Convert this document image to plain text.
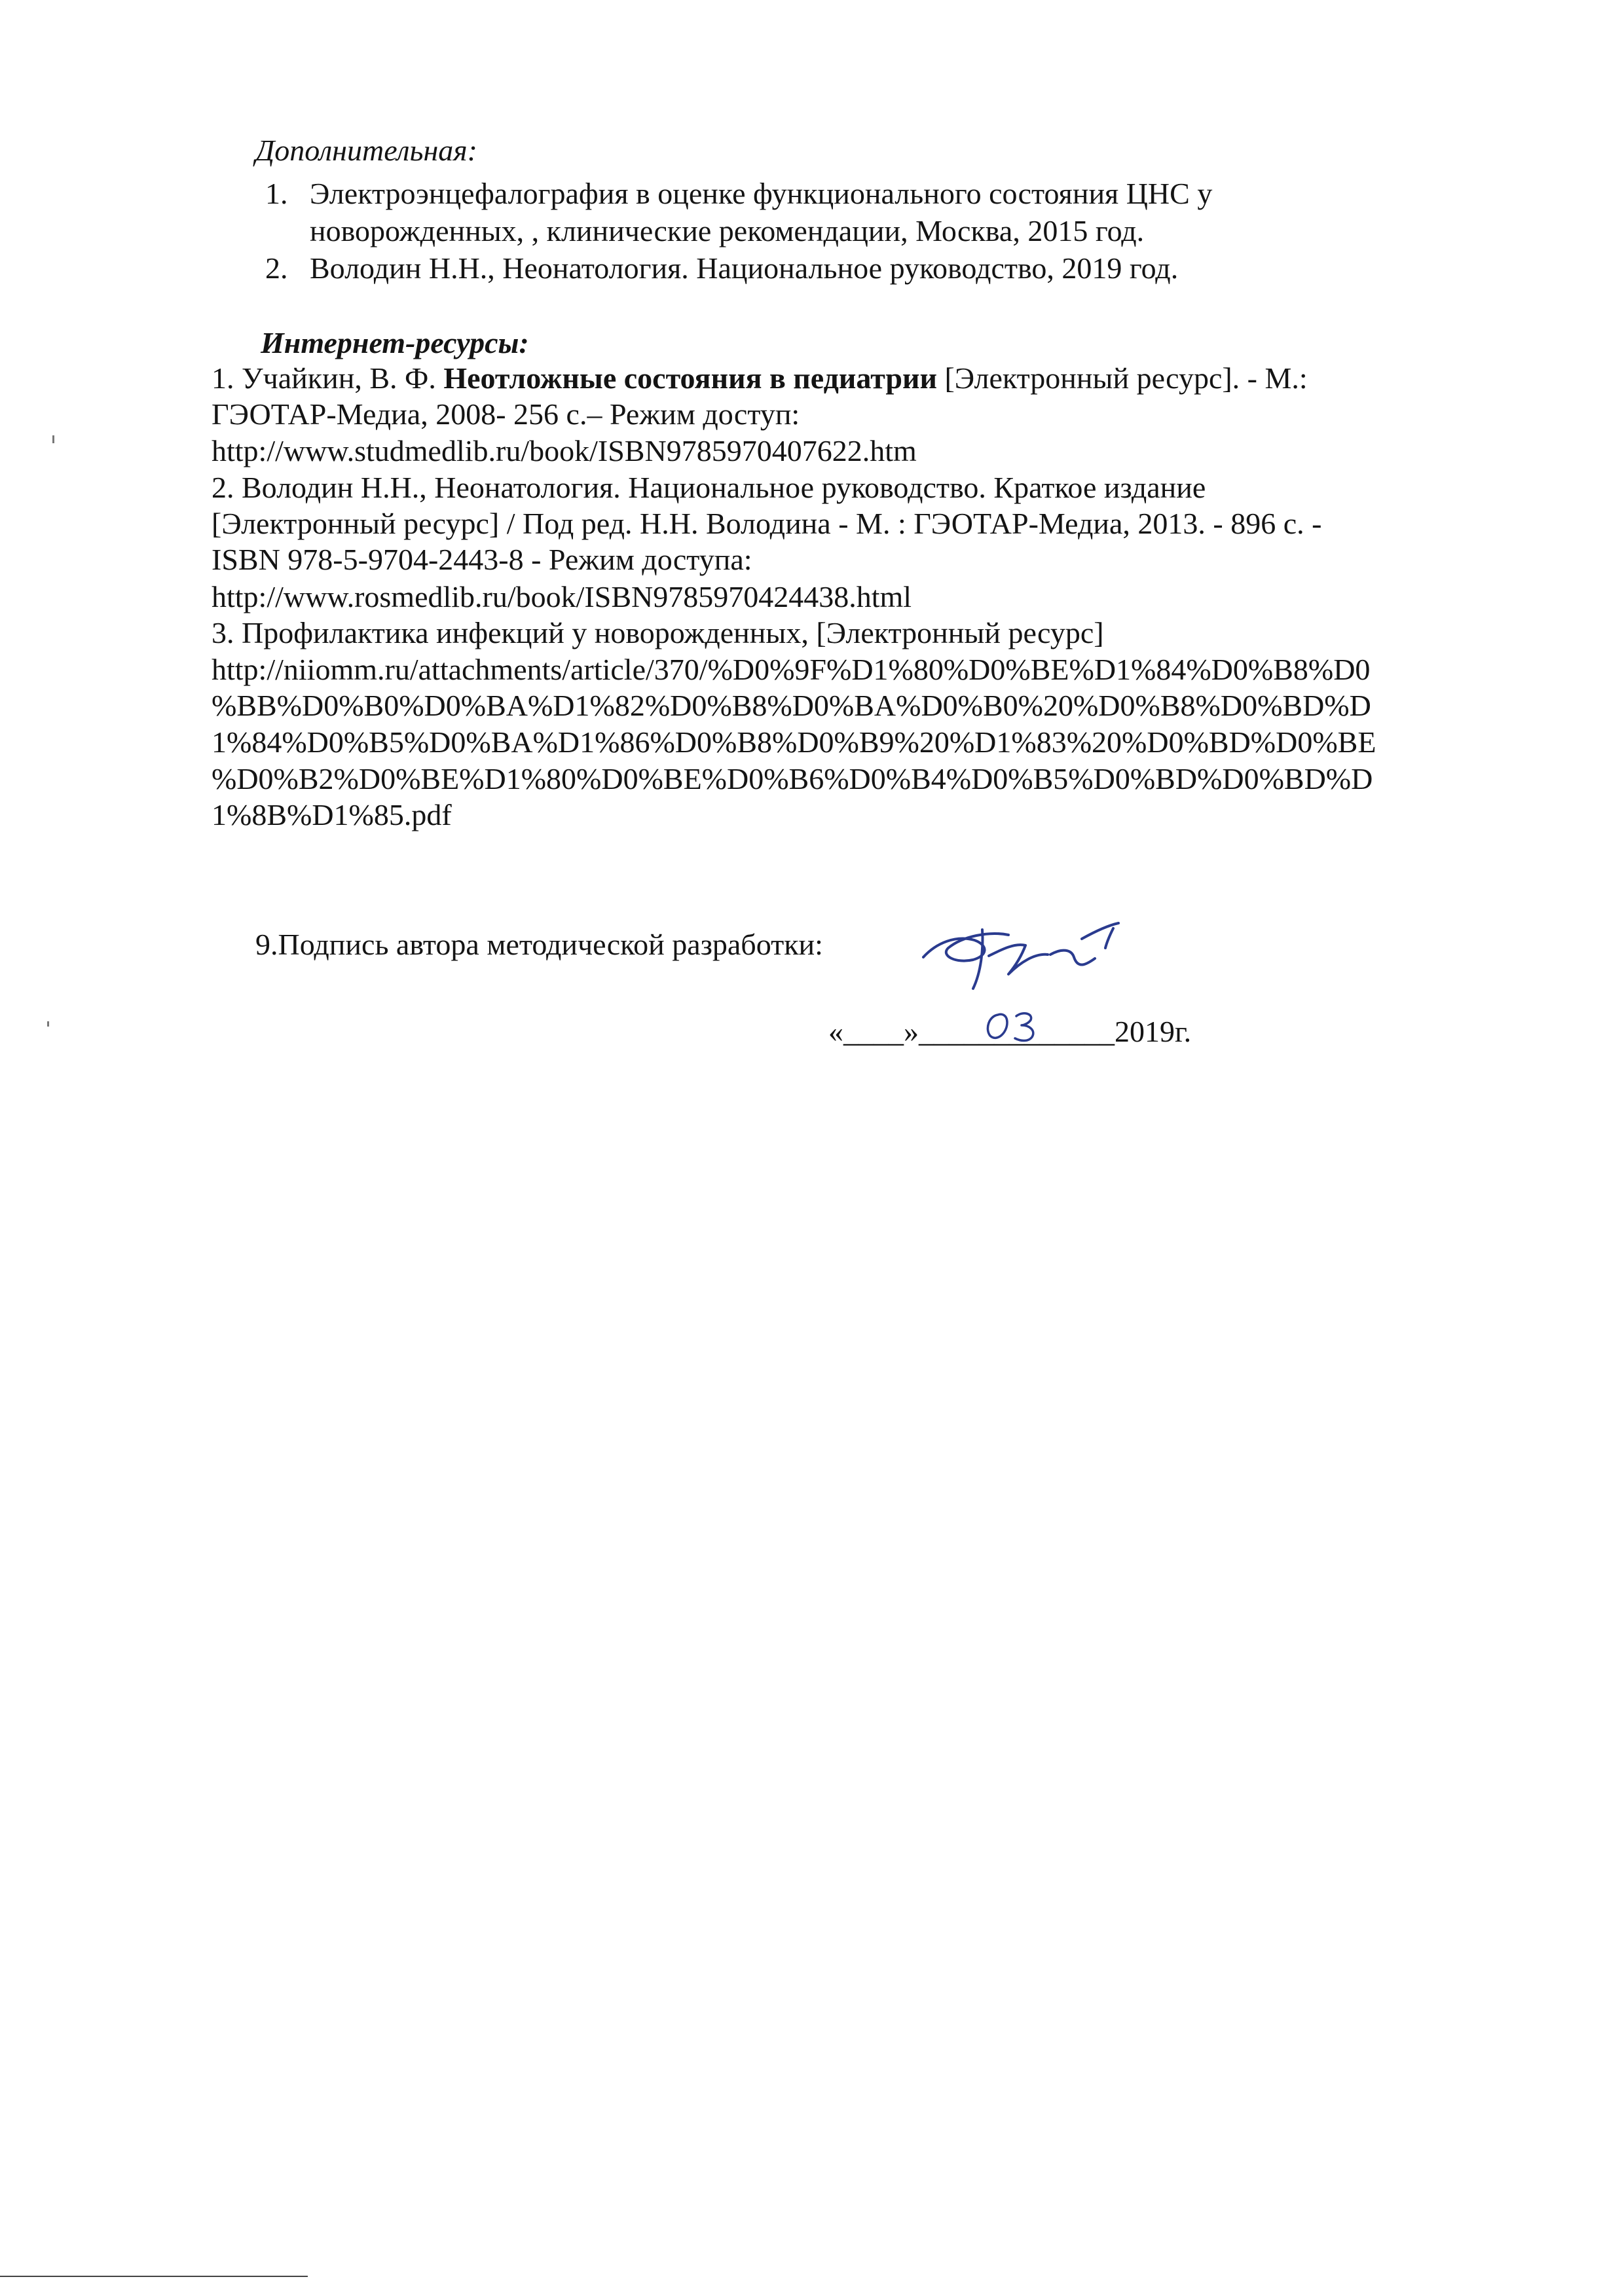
Дополнительная:
1. Электроэнцефалография в оценке функционального состояния ЦНС у
новорожденных, , клинические рекомендации, Москва, 2015 год.
2. Володин Н.Н., Неонатология. Национальное руководство, 2019 год.
Интернет-ресурсы:
1. Учайкин, В. Ф. Неотложные состояния в педиатрии [Электронный ресурс]. - М.:
ГЭОТАР-Медиа, 2008- 256 с.– Режим доступ:
http://www.studmedlib.ru/book/ISBN9785970407622.htm
2. Володин Н.Н., Неонатология. Национальное руководство. Краткое издание
[Электронный ресурс] / Под ред. Н.Н. Володина - М. : ГЭОТАР-Медиа, 2013. - 896 с. -
ISBN 978-5-9704-2443-8 - Режим доступа:
http://www.rosmedlib.ru/book/ISBN9785970424438.html
3. Профилактика инфекций у новорожденных, [Электронный ресурс]
http://niiomm.ru/attachments/article/370/%D0%9F%D1%80%D0%BE%D1%84%D0%B8%D0
%BB%D0%B0%D0%BA%D1%82%D0%B8%D0%BA%D0%B0%20%D0%B8%D0%BD%D
1%84%D0%B5%D0%BA%D1%86%D0%B8%D0%B9%20%D1%83%20%D0%BD%D0%BE
%D0%B2%D0%BE%D1%80%D0%BE%D0%B6%D0%B4%D0%B5%D0%BD%D0%BD%D
1%8B%D1%85.pdf
9.Подпись автора методической разработки:
«____»_____________2019г.
